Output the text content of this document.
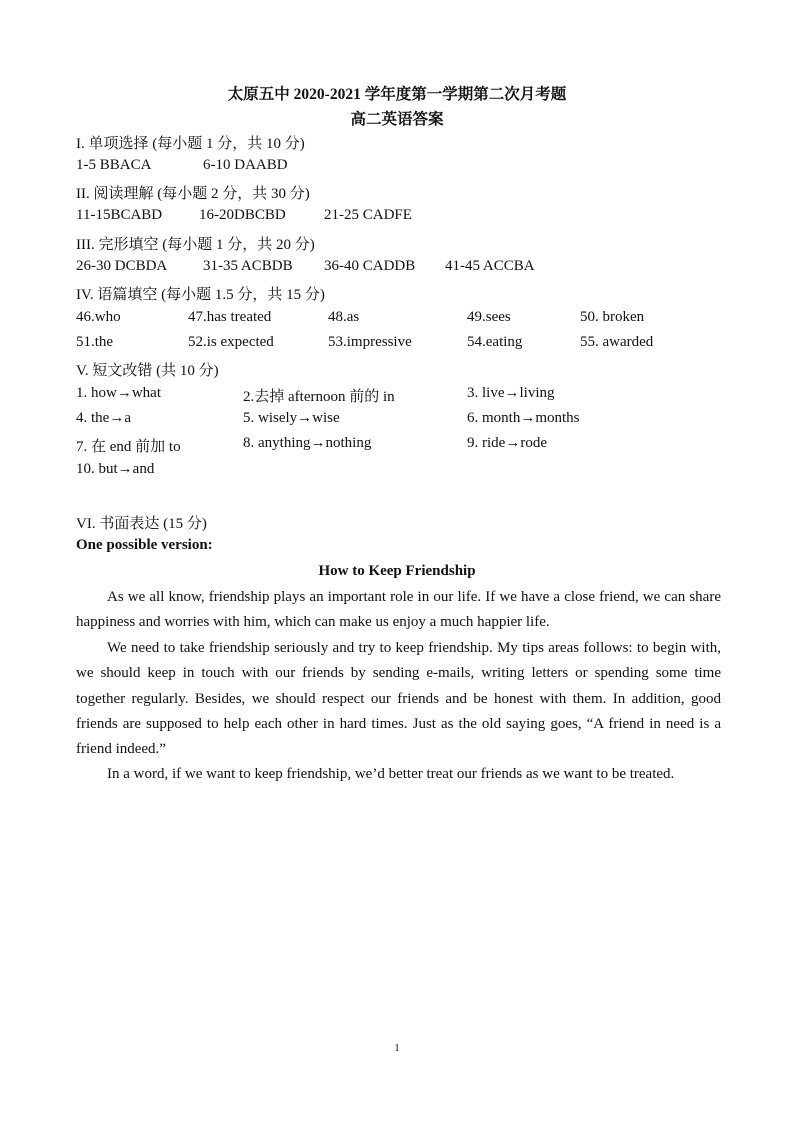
太原五中 2020-2021 学年度第一学期第二次月考题
高二英语答案
I. 单项选择 (每小题 1 分，共 10 分)
1-5 BBACA	6-10 DAABD
II. 阅读理解 (每小题 2 分，共 30 分)
11-15BCABD 16-20DBCBD	21-25 CADFE
III. 完形填空 (每小题 1 分，共 20 分)
26-30 DCBDA 31-35 ACBDB 36-40 CADDB 41-45 ACCBA
IV. 语篇填空 (每小题 1.5 分，共 15 分)
46.who	47.has treated	48.as	49.sees	50. broken
51.the	52.is expected	53.impressive	54.eating	55. awarded
V. 短文改错 (共 10 分)
1. how→what	2.去掉 afternoon 前的 in	3. live→living
4. the→a	5. wisely→wise	6. month→months
7. 在 end 前加 to	8. anything→nothing	9. ride→rode
10. but→and
VI. 书面表达 (15 分)
One possible version:
How to Keep Friendship

As we all know, friendship plays an important role in our life. If we have a close friend, we can share happiness and worries with him, which can make us enjoy a much happier life.

We need to take friendship seriously and try to keep friendship. My tips areas follows: to begin with, we should keep in touch with our friends by sending e-mails, writing letters or spending some time together regularly. Besides, we should respect our friends and be honest with them. In addition, good friends are supposed to help each other in hard times. Just as the old saying goes, “A friend in need is a friend indeed.”

In a word, if we want to keep friendship, we’d better treat our friends as we want to be treated.

1
